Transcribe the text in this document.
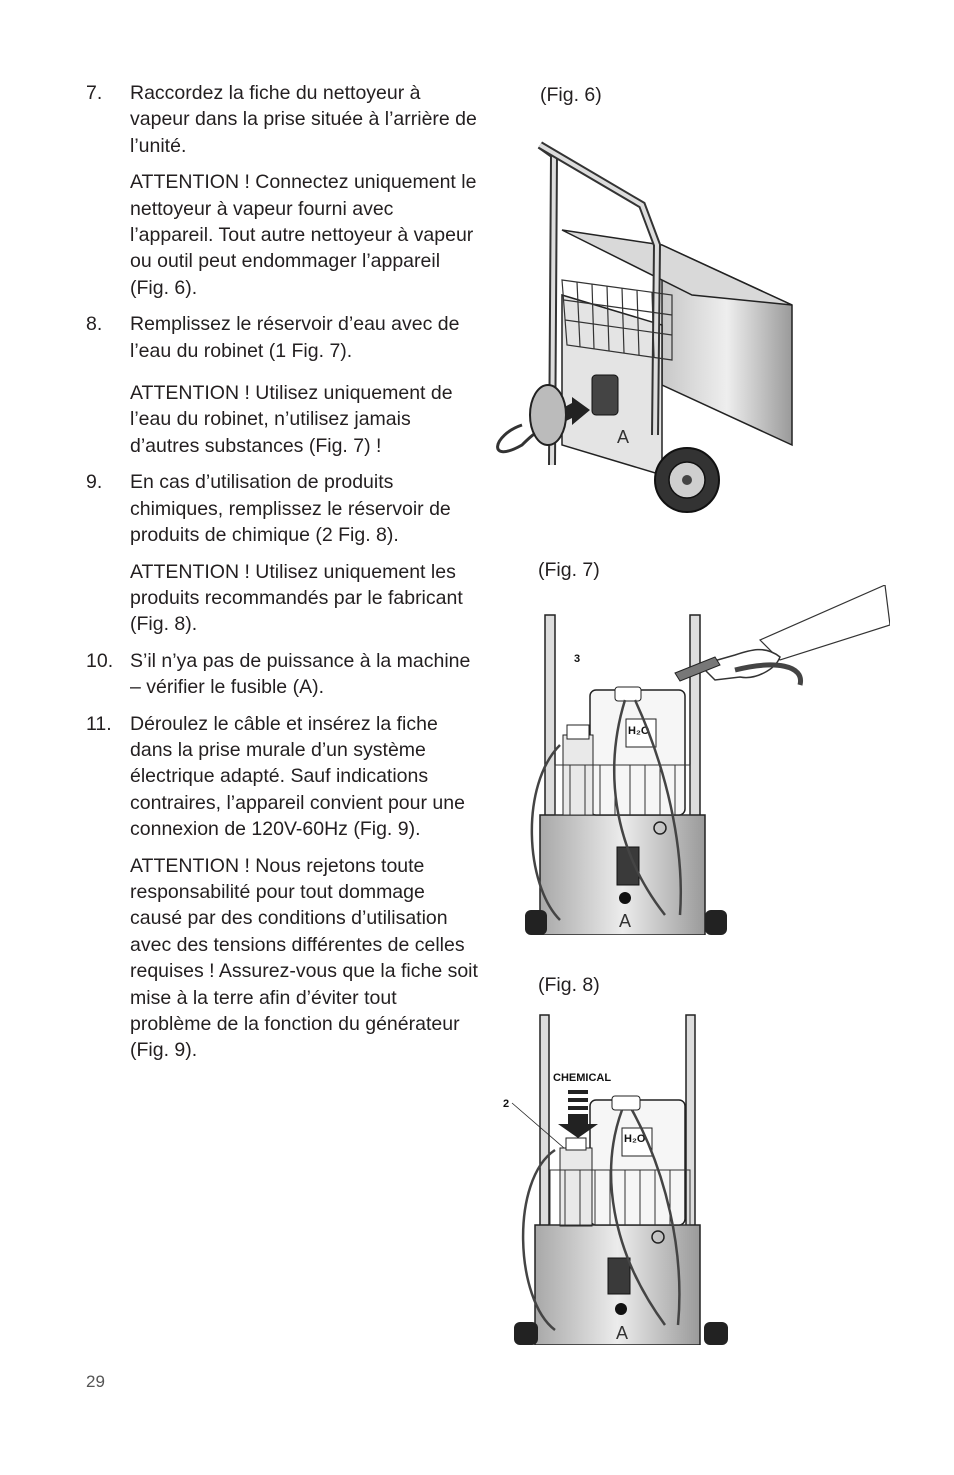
7. Raccordez la fiche du nettoyeur à vapeur dans la prise située à l’arrière de l’unité.

ATTENTION ! Connectez uniquement le nettoyeur à vapeur fourni avec l’appareil. Tout autre nettoyeur à vapeur ou outil peut endommager l’appareil (Fig. 6).

8. Remplissez le réservoir d’eau avec de l’eau du robinet (1 Fig. 7).

ATTENTION ! Utilisez uniquement de l’eau du robinet, n’utilisez jamais d’autres substances (Fig. 7) !

9. En cas d’utilisation de produits chimiques, remplissez le réservoir de produits de chimique (2 Fig. 8).

ATTENTION ! Utilisez uniquement les produits recommandés par le fabricant (Fig. 8).

10. S’il n’ya pas de puissance à la machine – vérifier le fusible (A).

11. Déroulez le câble et insérez la fiche dans la prise murale d’un système électrique adapté. Sauf indications contraires, l’appareil convient pour une connexion de 120V-60Hz (Fig. 9).

ATTENTION ! Nous rejetons toute responsabilité pour tout dommage causé par des conditions d’utilisation avec des tensions différentes de celles requises ! Assurez-vous que la fiche soit mise à la terre afin d’éviter tout problème de la fonction du générateur (Fig. 9).

(Fig. 6)
A
(Fig. 7)
H₂O
3
A
(Fig. 8)
H₂O
CHEMICAL
2
A
29
